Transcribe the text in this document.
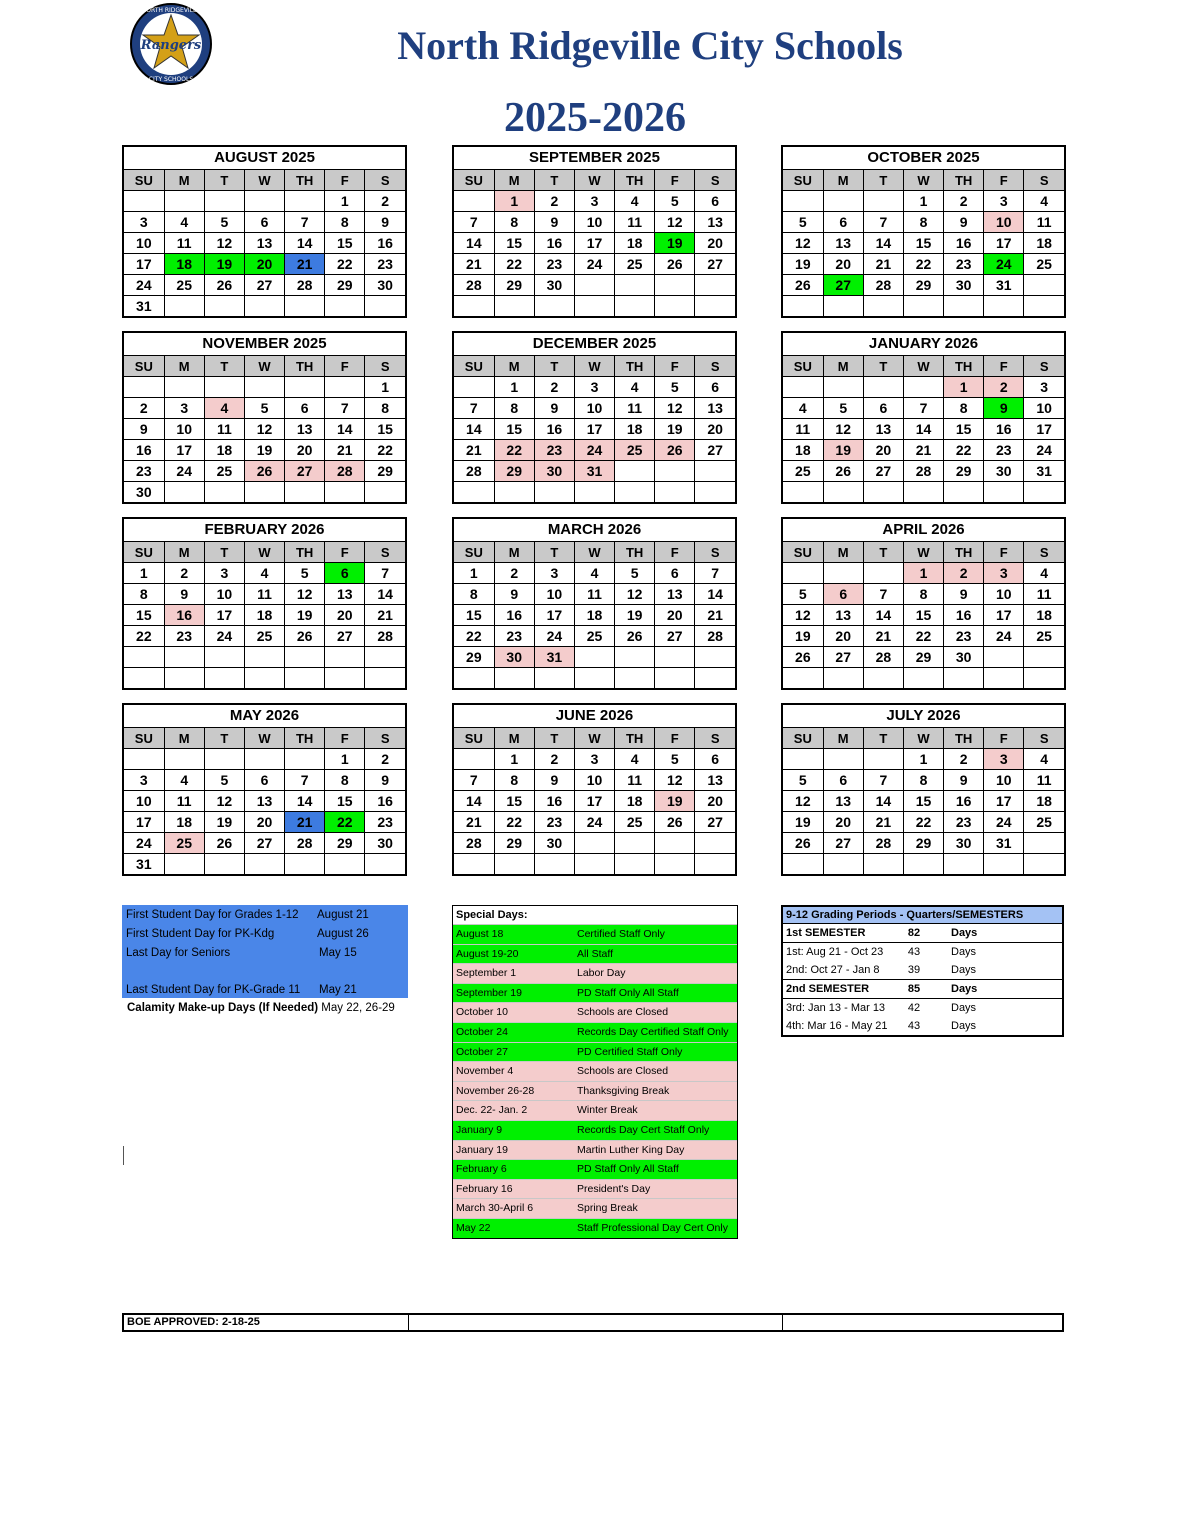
Rangers
NORTH RIDGEVILLE
CITY SCHOOLS
North Ridgeville City Schools
2025-2026
AUGUST 2025
SU	M	T	W	TH	F	S
					1	2
3	4	5	6	7	8	9
10	11	12	13	14	15	16
17	18	19	20	21	22	23
24	25	26	27	28	29	30
31						
SEPTEMBER 2025
SU	M	T	W	TH	F	S
	1	2	3	4	5	6
7	8	9	10	11	12	13
14	15	16	17	18	19	20
21	22	23	24	25	26	27
28	29	30				

OCTOBER 2025
SU	M	T	W	TH	F	S
			1	2	3	4
5	6	7	8	9	10	11
12	13	14	15	16	17	18
19	20	21	22	23	24	25
26	27	28	29	30	31	

NOVEMBER 2025
SU	M	T	W	TH	F	S
						1
2	3	4	5	6	7	8
9	10	11	12	13	14	15
16	17	18	19	20	21	22
23	24	25	26	27	28	29
30						
DECEMBER 2025
SU	M	T	W	TH	F	S
	1	2	3	4	5	6
7	8	9	10	11	12	13
14	15	16	17	18	19	20
21	22	23	24	25	26	27
28	29	30	31			

JANUARY 2026
SU	M	T	W	TH	F	S
				1	2	3
4	5	6	7	8	9	10
11	12	13	14	15	16	17
18	19	20	21	22	23	24
25	26	27	28	29	30	31

FEBRUARY 2026
SU	M	T	W	TH	F	S
1	2	3	4	5	6	7
8	9	10	11	12	13	14
15	16	17	18	19	20	21
22	23	24	25	26	27	28

MARCH 2026
SU	M	T	W	TH	F	S
1	2	3	4	5	6	7
8	9	10	11	12	13	14
15	16	17	18	19	20	21
22	23	24	25	26	27	28
29	30	31				

APRIL 2026
SU	M	T	W	TH	F	S
			1	2	3	4
5	6	7	8	9	10	11
12	13	14	15	16	17	18
19	20	21	22	23	24	25
26	27	28	29	30		

MAY 2026
SU	M	T	W	TH	F	S
					1	2
3	4	5	6	7	8	9
10	11	12	13	14	15	16
17	18	19	20	21	22	23
24	25	26	27	28	29	30
31						
JUNE 2026
SU	M	T	W	TH	F	S
	1	2	3	4	5	6
7	8	9	10	11	12	13
14	15	16	17	18	19	20
21	22	23	24	25	26	27
28	29	30				

JULY 2026
SU	M	T	W	TH	F	S
			1	2	3	4
5	6	7	8	9	10	11
12	13	14	15	16	17	18
19	20	21	22	23	24	25
26	27	28	29	30	31	

First Student Day for Grades 1-12 August 21
First Student Day for PK-Kdg	August 26
Last Day for Seniors	May 15
Last Student Day for PK-Grade 11 May 21
Calamity Make-up Days (If Needed) May 22, 26-29
Special Days:
August 18	Certified Staff Only
August 19-20	All Staff
September 1	Labor Day
September 19	PD Staff Only All Staff
October 10	Schools are Closed
October 24	Records Day Certified Staff Only
October 27	PD Certified Staff Only
November 4	Schools are Closed
November 26-28	Thanksgiving Break
Dec. 22- Jan. 2	Winter Break
January 9	Records Day Cert Staff Only
January 19	Martin Luther King Day
February 6	PD Staff Only All Staff
February 16	President's Day
March 30-April 6	Spring Break
May 22	Staff Professional Day Cert Only
9-12 Grading Periods - Quarters/SEMESTERS
1st SEMESTER	82	Days
1st: Aug 21 - Oct 23	43	Days
2nd: Oct 27 - Jan 8	39	Days
2nd SEMESTER	85	Days
3rd: Jan 13 - Mar 13	42	Days
4th: Mar 16 - May 21	43	Days
BOE APPROVED: 2-18-25
